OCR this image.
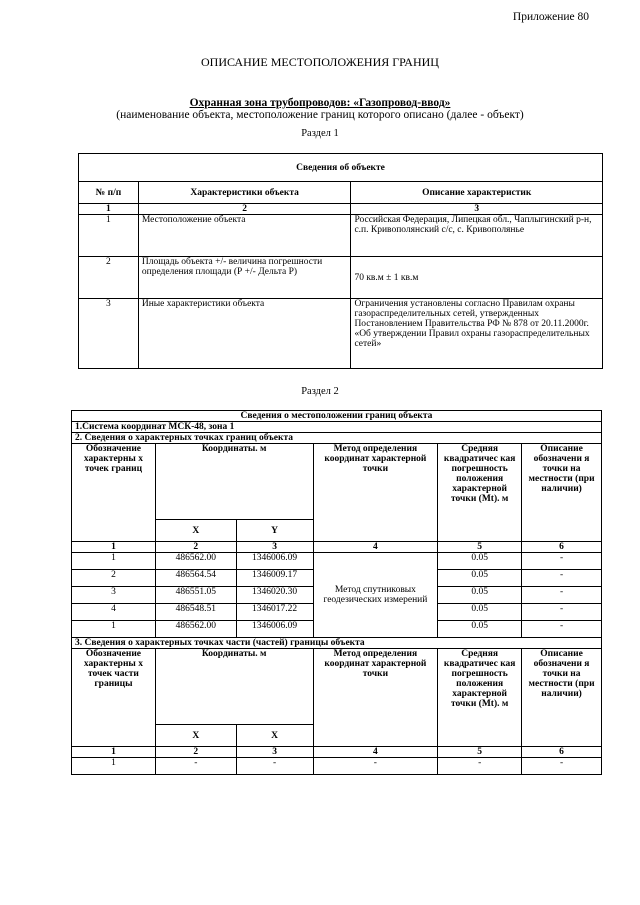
Приложение 80
ОПИСАНИЕ МЕСТОПОЛОЖЕНИЯ ГРАНИЦ
Охранная зона трубопроводов: «Газопровод-ввод»
(наименование объекта, местоположение границ которого описано (далее - объект)
Раздел 1
Сведения об объекте		
№ п/п	Характеристики объекта	Описание характеристик
1	2	3
1	Местоположение объекта	Российская Федерация, Липецкая обл., Чаплыгинский р-н, с.п. Кривополянский с/с, с. Кривополянье
2	Площадь объекта +/- величина погрешности определения площади (Р +/- Дельта Р)	70 кв.м ± 1 кв.м
3	Иные характеристики объекта	Ограничения установлены согласно Правилам охраны газораспределительных сетей, утвержденных Постановлением Правительства РФ № 878 от 20.11.2000г. «Об утверждении Правил охраны газораспределительных сетей»
Раздел 2
Сведения о местоположении границ объекта					
1.Система координат МСК-48, зона 1					
2. Сведения о характерных точках границ объекта					
Обозначение характерны х точек границ	Координаты. м		Метод определения координат характерной точки	Средняя квадратичес кая погрешность положения характерной точки (Mt). м	Описание обозначени я точки на местности (при наличии)
	X	Y			
1	2	3	4	5	6
1	486562.00	1346006.09	Метод спутниковых геодезических измерений	0.05	-
2	486564.54	1346009.17		0.05	-
3	486551.05	1346020.30		0.05	-
4	486548.51	1346017.22		0.05	-
1	486562.00	1346006.09		0.05	-
3. Сведения о характерных точках части (частей) границы объекта					
Обозначение характерны х точек части границы	Координаты. м		Метод определения координат характерной точки	Средняя квадратичес кая погрешность положения характерной точки (Mt). м	Описание обозначени я точки на местности (при наличии)
	X	X			
1	2	3	4	5	6
1	-	-	-	-	-
